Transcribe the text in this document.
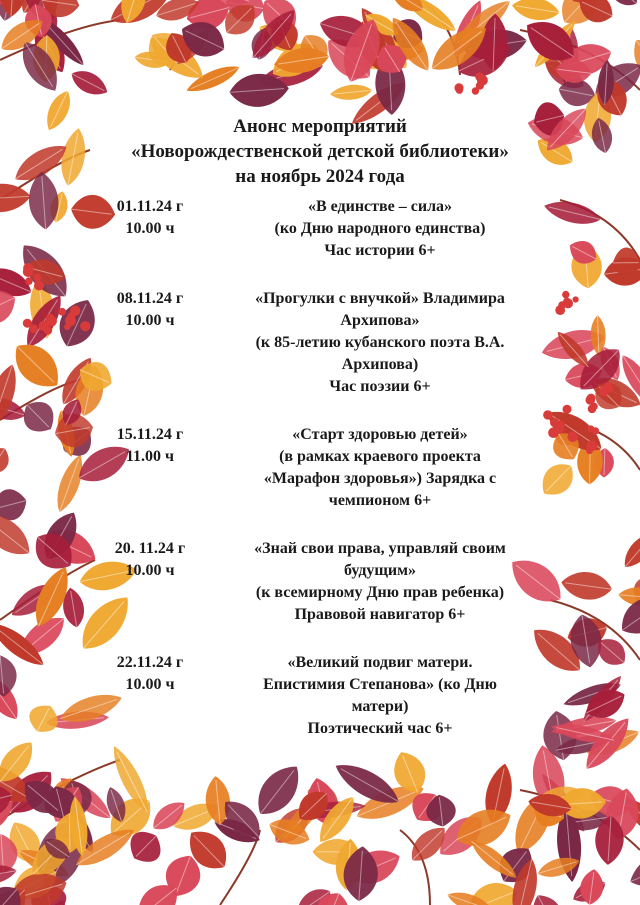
Анонс мероприятий
«Новорождественской детской библиотеки»
на ноябрь 2024 года
01.11.24 г
10.00 ч
«В единстве – сила»
(ко Дню народного единства)
Час истории 6+
08.11.24 г
10.00 ч
«Прогулки с внучкой» Владимира
Архипова»
(к 85-летию кубанского поэта В.А.
Архипова)
Час поэзии 6+
15.11.24 г
11.00 ч
«Старт здоровью детей»
(в рамках краевого проекта
«Марафон здоровья») Зарядка с
чемпионом 6+
20. 11.24 г
10.00 ч
«Знай свои права, управляй своим
будущим»
(к всемирному Дню прав ребенка)
Правовой навигатор 6+
22.11.24 г
10.00 ч
«Великий подвиг матери.
Епистимия Степанова» (ко Дню
матери)
Поэтический час 6+
